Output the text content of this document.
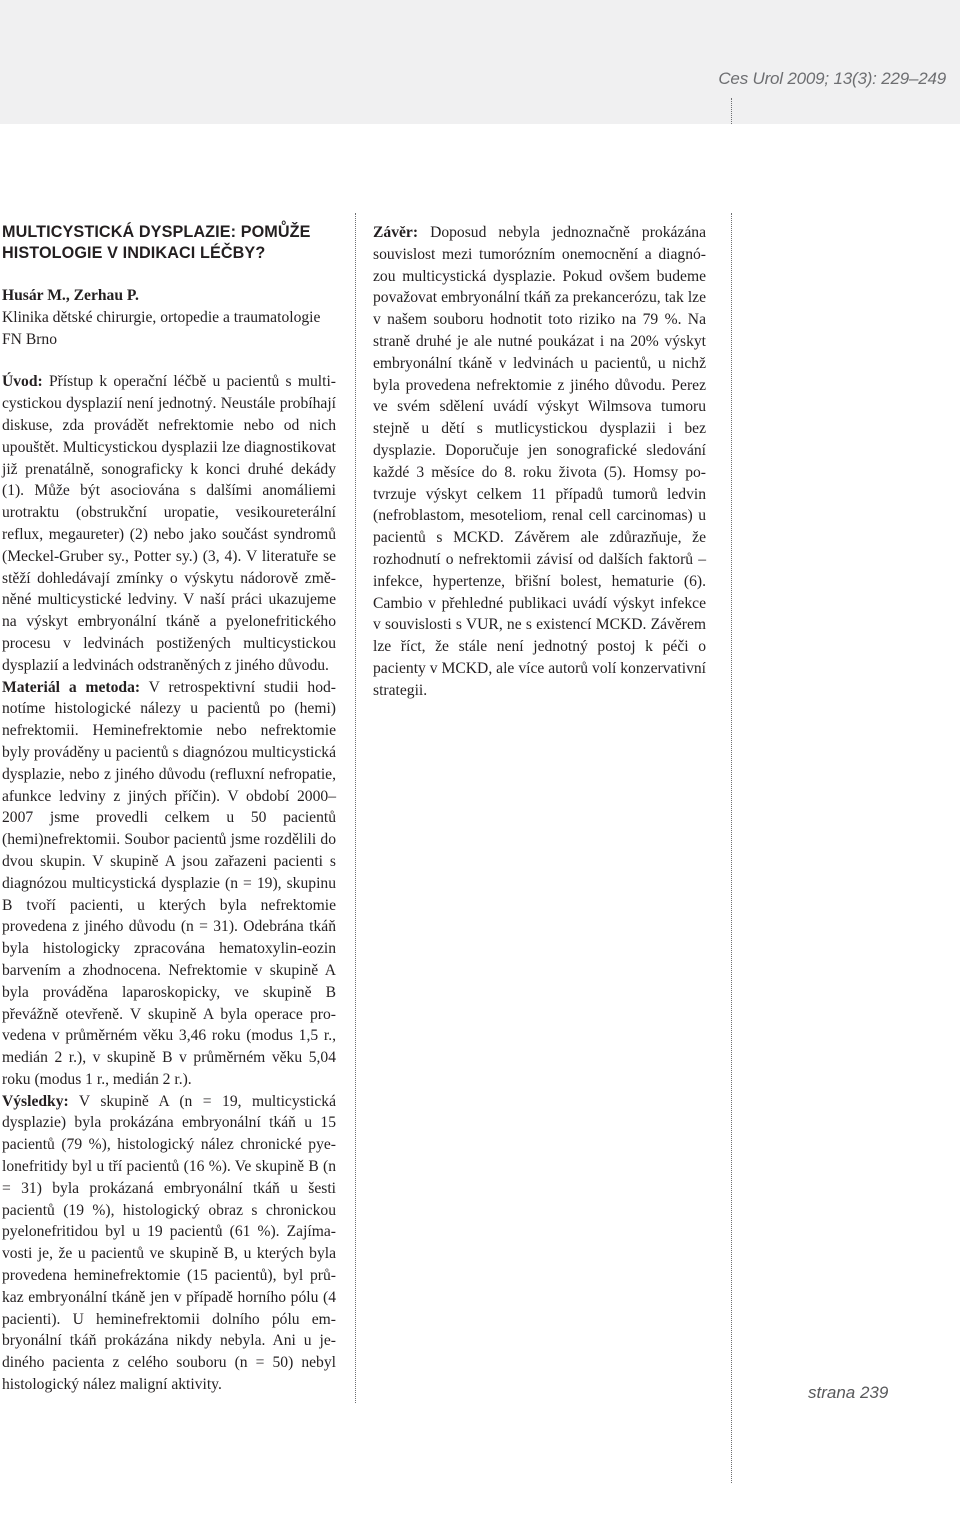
Ces Urol 2009; 13(3): 229–249
MULTICYSTICKÁ DYSPLAZIE: POMŮŽE
HISTOLOGIE V INDIKACI LÉČBY?

Husár M., Zerhau P.

Klinika dětské chirurgie, ortopedie a traumatologie FN Brno

Úvod: Přístup k operační léčbě u pacientů s multicystickou dysplazií není jednotný. Neustále probíhají diskuse, zda provádět nefrektomie nebo od nich upouštět. Multicystickou dysplazii lze diagnostikovat již prenatálně, sonograficky k konci druhé dekády (1). Může být asociována s dalšími anomáliemi urotraktu (obstrukční uropatie, vesikoureterální reflux, megaureter) (2) nebo jako součást syndromů (Meckel-Gruber sy., Potter sy.) (3, 4). V literatuře se stěží dohledávají zmínky o výskytu nádorově změněné multicystické ledviny. V naší práci ukazujeme na výskyt embryonální tkáně a pyelonefritického procesu v ledvinách postižených multicystickou dysplazií a ledvinách odstraněných z jiného důvodu.

Materiál a metoda: V retrospektivní studii hodnotíme histologické nálezy u pacientů po (hemi) nefrektomii. Heminefrektomie nebo nefrektomie byly prováděny u pacientů s diagnózou multicystická dysplazie, nebo z jiného důvodu (refluxní nefropatie, afunkce ledviny z jiných příčin). V období 2000–2007 jsme provedli celkem u 50 pacientů (hemi)nefrektomii. Soubor pacientů jsme rozdělili do dvou skupin. V skupině A jsou zařazeni pacienti s diagnózou multicystická dysplazie (n = 19), skupinu B tvoří pacienti, u kterých byla nefrektomie provedena z jiného důvodu (n = 31). Odebrána tkáň byla histologicky zpracována hematoxylin-eozin barvením a zhodnocena. Nefrektomie v skupině A byla prováděna laparoskopicky, ve skupině B převážně otevřeně. V skupině A byla operace provedena v průměrném věku 3,46 roku (modus 1,5 r., medián 2 r.), v skupině B v průměrném věku 5,04 roku (modus 1 r., medián 2 r.).

Výsledky: V skupině A (n = 19, multicystická dysplazie) byla prokázána embryonální tkáň u 15 pacientů (79 %), histologický nález chronické pyelonefritidy byl u tří pacientů (16 %). Ve skupině B (n = 31) byla prokázaná embryonální tkáň u šesti pacientů (19 %), histologický obraz s chronickou pyelonefritidou byl u 19 pacientů (61 %). Zajímavosti je, že u pacientů ve skupině B, u kterých byla provedena heminefrektomie (15 pacientů), byl průkaz embryonální tkáně jen v případě horního pólu (4 pacienti). U heminefrektomii dolního pólu embryonální tkáň prokázána nikdy nebyla. Ani u jediného pacienta z celého souboru (n = 50) nebyl histologický nález maligní aktivity.

Závěr: Doposud nebyla jednoznačně prokázána souvislost mezi tumorózním onemocnění a diagnózou multicystická dysplazie. Pokud ovšem budeme považovat embryonální tkáň za prekancerózu, tak lze v našem souboru hodnotit toto riziko na 79 %. Na straně druhé je ale nutné poukázat i na 20% výskyt embryonální tkáně v ledvinách u pacientů, u nichž byla provedena nefrektomie z jiného důvodu. Perez ve svém sdělení uvádí výskyt Wilmsova tumoru stejně u dětí s mutlicystickou dysplazii i bez dysplazie. Doporučuje jen sonografické sledování každé 3 měsíce do 8. roku života (5). Homsy potvrzuje výskyt celkem 11 případů tumorů ledvin (nefroblastom, mesoteliom, renal cell carcinomas) u pacientů s MCKD. Závěrem ale zdůrazňuje, že rozhodnutí o nefrektomii závisí od dalších faktorů – infekce, hypertenze, břišní bolest, hematurie (6). Cambio v přehledné publikaci uvádí výskyt infekce v souvislosti s VUR, ne s existencí MCKD. Závěrem lze říct, že stále není jednotný postoj k péči o pacienty v MCKD, ale více autorů volí konzervativní strategii.

strana 239
